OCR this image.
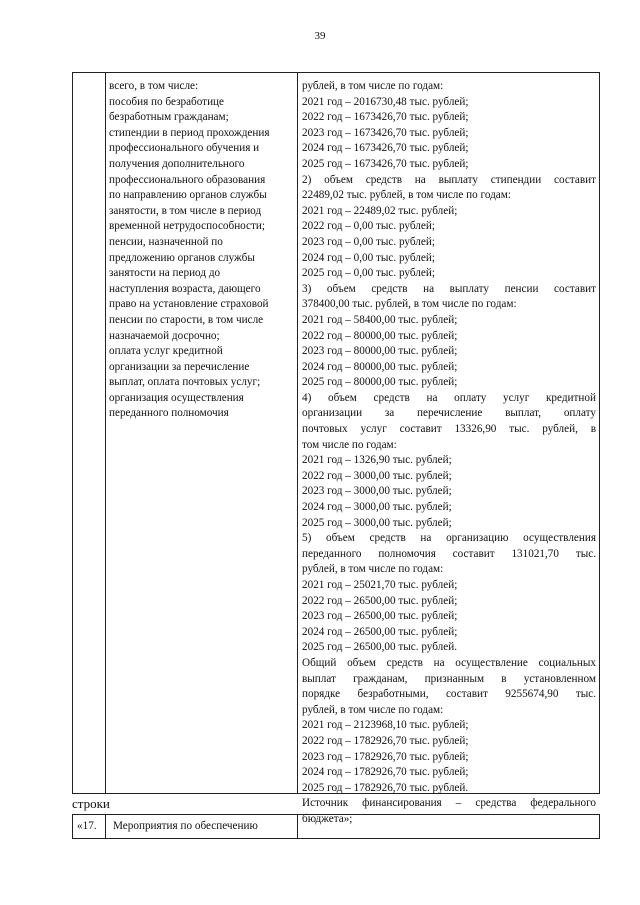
39
всего, в том числе:
пособия по безработице
безработным гражданам;
стипендии в период прохождения
профессионального обучения и
получения дополнительного
профессионального образования
по направлению органов службы
занятости, в том числе в период
временной нетрудоспособности;
пенсии, назначенной по
предложению органов службы
занятости на период до
наступления возраста, дающего
право на установление страховой
пенсии по старости, в том числе
назначаемой досрочно;
оплата услуг кредитной
организации за перечисление
выплат, оплата почтовых услуг;
организация осуществления
переданного полномочия
рублей, в том числе по годам:
2021 год – 2016730,48 тыс. рублей;
2022 год – 1673426,70 тыс. рублей;
2023 год – 1673426,70 тыс. рублей;
2024 год – 1673426,70 тыс. рублей;
2025 год – 1673426,70 тыс. рублей;
2) объем средств на выплату стипендии составит
22489,02 тыс. рублей, в том числе по годам:
2021 год – 22489,02 тыс. рублей;
2022 год – 0,00 тыс. рублей;
2023 год – 0,00 тыс. рублей;
2024 год – 0,00 тыс. рублей;
2025 год – 0,00 тыс. рублей;
3) объем средств на выплату пенсии составит
378400,00 тыс. рублей, в том числе по годам:
2021 год – 58400,00 тыс. рублей;
2022 год – 80000,00 тыс. рублей;
2023 год – 80000,00 тыс. рублей;
2024 год – 80000,00 тыс. рублей;
2025 год – 80000,00 тыс. рублей;
4) объем средств на оплату услуг кредитной
организации за перечисление выплат, оплату
почтовых услуг составит 13326,90 тыс. рублей, в
том числе по годам:
2021 год – 1326,90 тыс. рублей;
2022 год – 3000,00 тыс. рублей;
2023 год – 3000,00 тыс. рублей;
2024 год – 3000,00 тыс. рублей;
2025 год – 3000,00 тыс. рублей;
5) объем средств на организацию осуществления
переданного полномочия составит 131021,70 тыс.
рублей, в том числе по годам:
2021 год – 25021,70 тыс. рублей;
2022 год – 26500,00 тыс. рублей;
2023 год – 26500,00 тыс. рублей;
2024 год – 26500,00 тыс. рублей;
2025 год – 26500,00 тыс. рублей.
Общий объем средств на осуществление социальных
выплат гражданам, признанным в установленном
порядке безработными, составит 9255674,90 тыс.
рублей, в том числе по годам:
2021 год – 2123968,10 тыс. рублей;
2022 год – 1782926,70 тыс. рублей;
2023 год – 1782926,70 тыс. рублей;
2024 год – 1782926,70 тыс. рублей;
2025 год – 1782926,70 тыс. рублей.
Источник финансирования – средства федерального
бюджета»;
строки
«17. Мероприятия по обеспечению
